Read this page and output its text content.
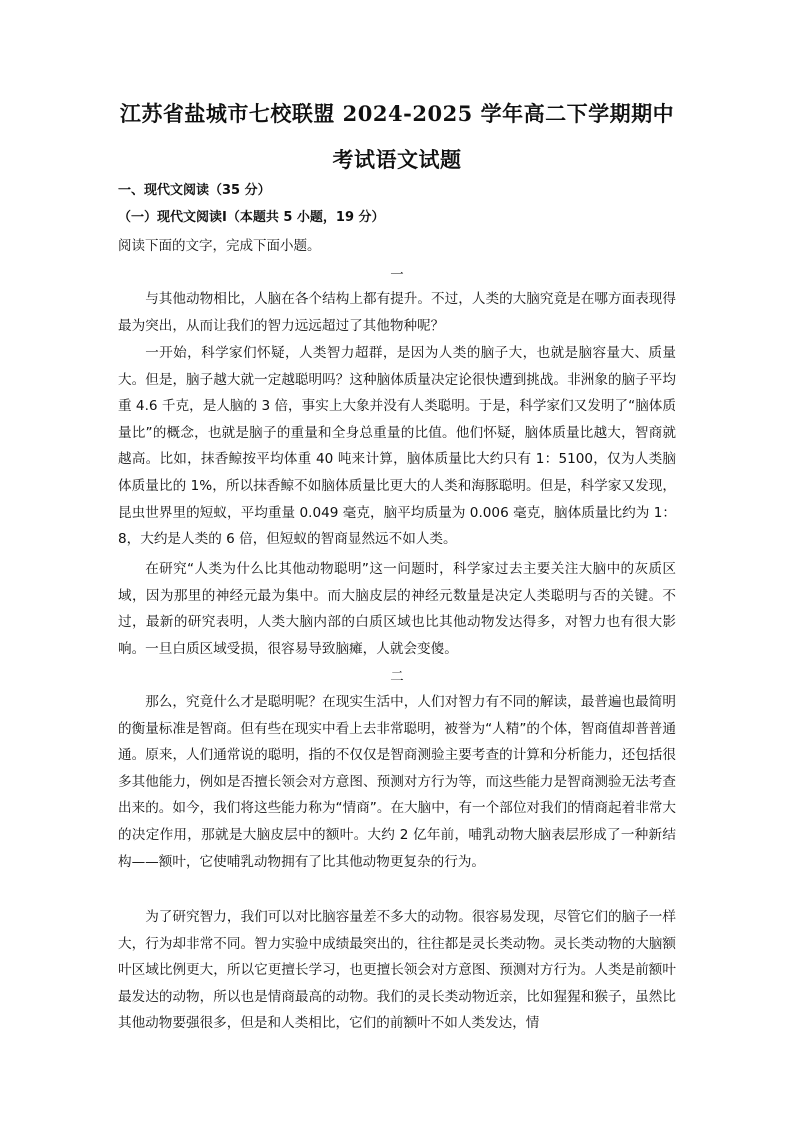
江苏省盐城市七校联盟 2024-2025 学年高二下学期期中
考试语文试题
一、现代文阅读（35 分）
（一）现代文阅读Ⅰ（本题共 5 小题，19 分）
阅读下面的文字，完成下面小题。
一

与其他动物相比，人脑在各个结构上都有提升。不过，人类的大脑究竟是在哪方面表现得最为突出，从而让我们的智力远远超过了其他物种呢？

一开始，科学家们怀疑，人类智力超群，是因为人类的脑子大，也就是脑容量大、质量大。但是，脑子越大就一定越聪明吗？这种脑体质量决定论很快遭到挑战。非洲象的脑子平均重 4.6 千克，是人脑的 3 倍，事实上大象并没有人类聪明。于是，科学家们又发明了“脑体质量比”的概念，也就是脑子的重量和全身总重量的比值。他们怀疑，脑体质量比越大，智商就越高。比如，抹香鲸按平均体重 40 吨来计算，脑体质量比大约只有 1：5100，仅为人类脑体质量比的 1%，所以抹香鲸不如脑体质量比更大的人类和海豚聪明。但是，科学家又发现，昆虫世界里的短蚁，平均重量 0.049 毫克，脑平均质量为 0.006 毫克，脑体质量比约为 1：8，大约是人类的 6 倍，但短蚁的智商显然远不如人类。

在研究“人类为什么比其他动物聪明”这一问题时，科学家过去主要关注大脑中的灰质区域，因为那里的神经元最为集中。而大脑皮层的神经元数量是决定人类聪明与否的关键。不过，最新的研究表明，人类大脑内部的白质区域也比其他动物发达得多，对智力也有很大影响。一旦白质区域受损，很容易导致脑瘫，人就会变傻。

二

那么，究竟什么才是聪明呢？在现实生活中，人们对智力有不同的解读，最普遍也最简明的衡量标准是智商。但有些在现实中看上去非常聪明，被誉为“人精”的个体，智商值却普普通通。原来，人们通常说的聪明，指的不仅仅是智商测验主要考查的计算和分析能力，还包括很多其他能力，例如是否擅长领会对方意图、预测对方行为等，而这些能力是智商测验无法考查出来的。如今，我们将这些能力称为“情商”。在大脑中，有一个部位对我们的情商起着非常大的决定作用，那就是大脑皮层中的额叶。大约 2 亿年前，哺乳动物大脑表层形成了一种新结构——额叶，它使哺乳动物拥有了比其他动物更复杂的行为。

为了研究智力，我们可以对比脑容量差不多大的动物。很容易发现，尽管它们的脑子一样大，行为却非常不同。智力实验中成绩最突出的，往往都是灵长类动物。灵长类动物的大脑额叶区域比例更大，所以它更擅长学习，也更擅长领会对方意图、预测对方行为。人类是前额叶最发达的动物，所以也是情商最高的动物。我们的灵长类动物近亲，比如猩猩和猴子，虽然比其他动物要强很多，但是和人类相比，它们的前额叶不如人类发达，情
